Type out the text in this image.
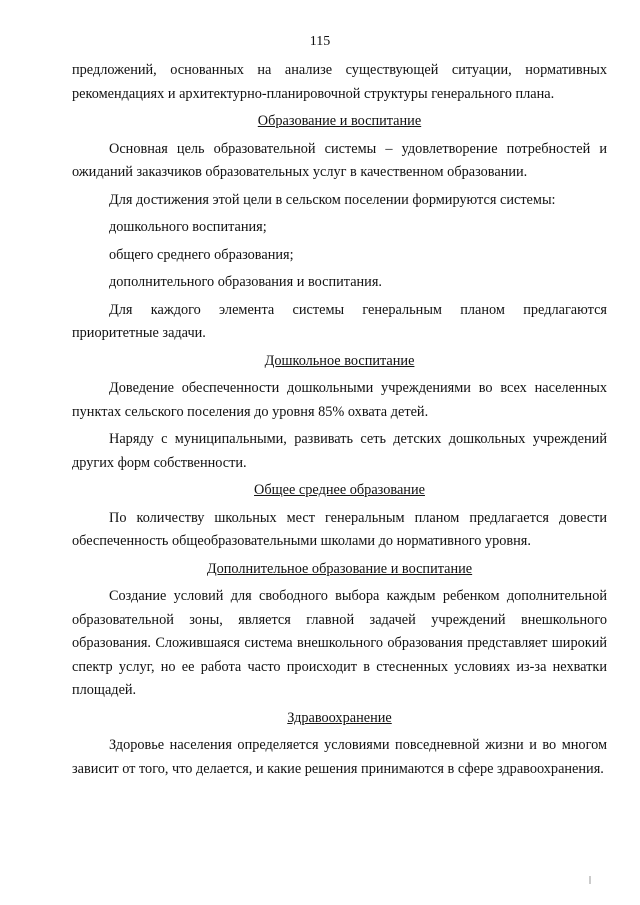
115

предложений, основанных на анализе существующей ситуации, нормативных рекомендациях и архитектурно-планировочной структуры генерального плана.

Образование и воспитание

Основная цель образовательной системы – удовлетворение потребностей и ожиданий заказчиков образовательных услуг в качественном образовании.

Для достижения этой цели в сельском поселении формируются системы:

дошкольного воспитания;

общего среднего образования;

дополнительного образования и воспитания.

Для каждого элемента системы генеральным планом предлагаются приоритетные задачи.

Дошкольное воспитание

Доведение обеспеченности дошкольными учреждениями во всех населенных пунктах сельского поселения до уровня 85% охвата детей.

Наряду с муниципальными, развивать сеть детских дошкольных учреждений других форм собственности.

Общее среднее образование

По количеству школьных мест генеральным планом предлагается довести обеспеченность общеобразовательными школами до нормативного уровня.

Дополнительное образование и воспитание

Создание условий для свободного выбора каждым ребенком дополнительной образовательной зоны, является главной задачей учреждений внешкольного образования. Сложившаяся система внешкольного образования представляет широкий спектр услуг, но ее работа часто происходит в стесненных условиях из-за нехватки площадей.

Здравоохранение

Здоровье населения определяется условиями повседневной жизни и во многом зависит от того, что делается, и какие решения принимаются в сфере здравоохранения.
